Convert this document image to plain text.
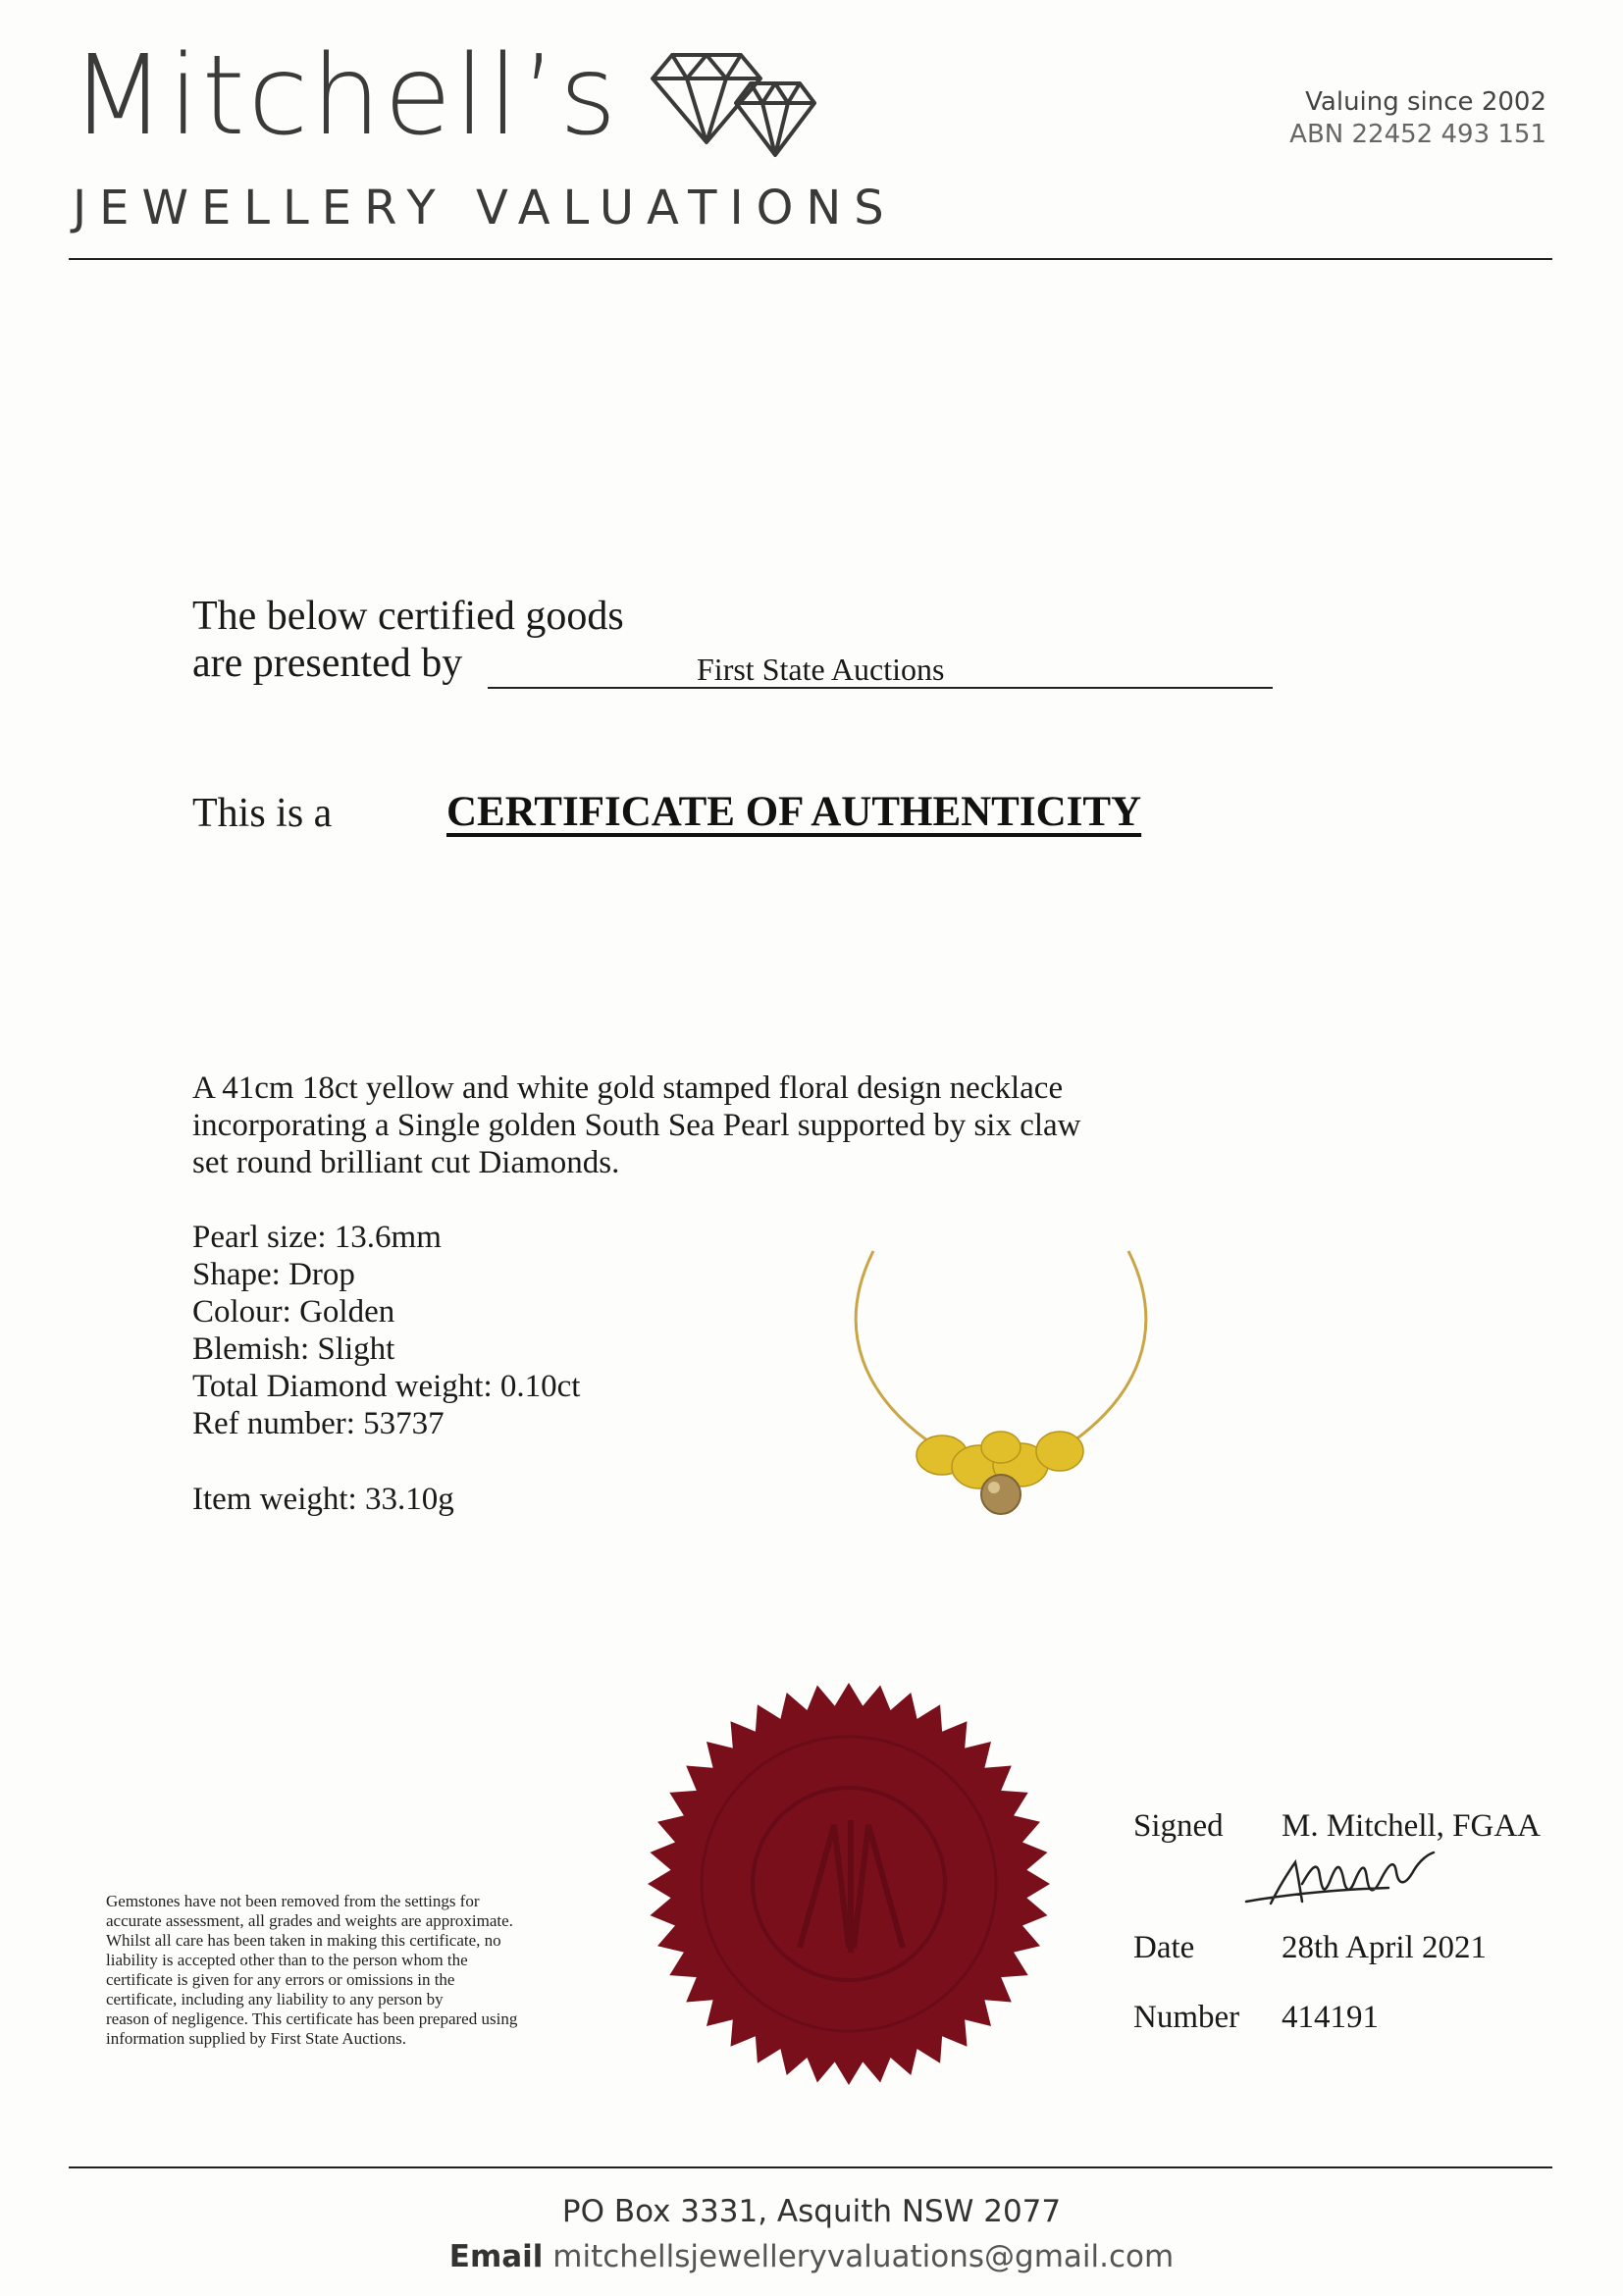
Mitchell’s
JEWELLERY VALUATIONS
Valuing since 2002
ABN 22452 493 151
The below certified goods
are presented by	First State Auctions
This is a	CERTIFICATE OF AUTHENTICITY
A 41cm 18ct yellow and white gold stamped floral design necklace
incorporating a Single golden South Sea Pearl supported by six claw
set round brilliant cut Diamonds.
Pearl size: 13.6mm
Shape: Drop
Colour: Golden
Blemish: Slight
Total Diamond weight: 0.10ct
Ref number: 53737
Item weight: 33.10g
Gemstones have not been removed from the settings for
accurate assessment, all grades and weights are approximate.
Whilst all care has been taken in making this certificate, no
liability is accepted other than to the person whom the
certificate is given for any errors or omissions in the
certificate, including any liability to any person by
reason of negligence. This certificate has been prepared using
information supplied by First State Auctions.
Signed M. Mitchell, FGAA
Date	28th April 2021
Number 414191
PO Box 3331, Asquith NSW 2077
Email mitchellsjewelleryvaluations@gmail.com
